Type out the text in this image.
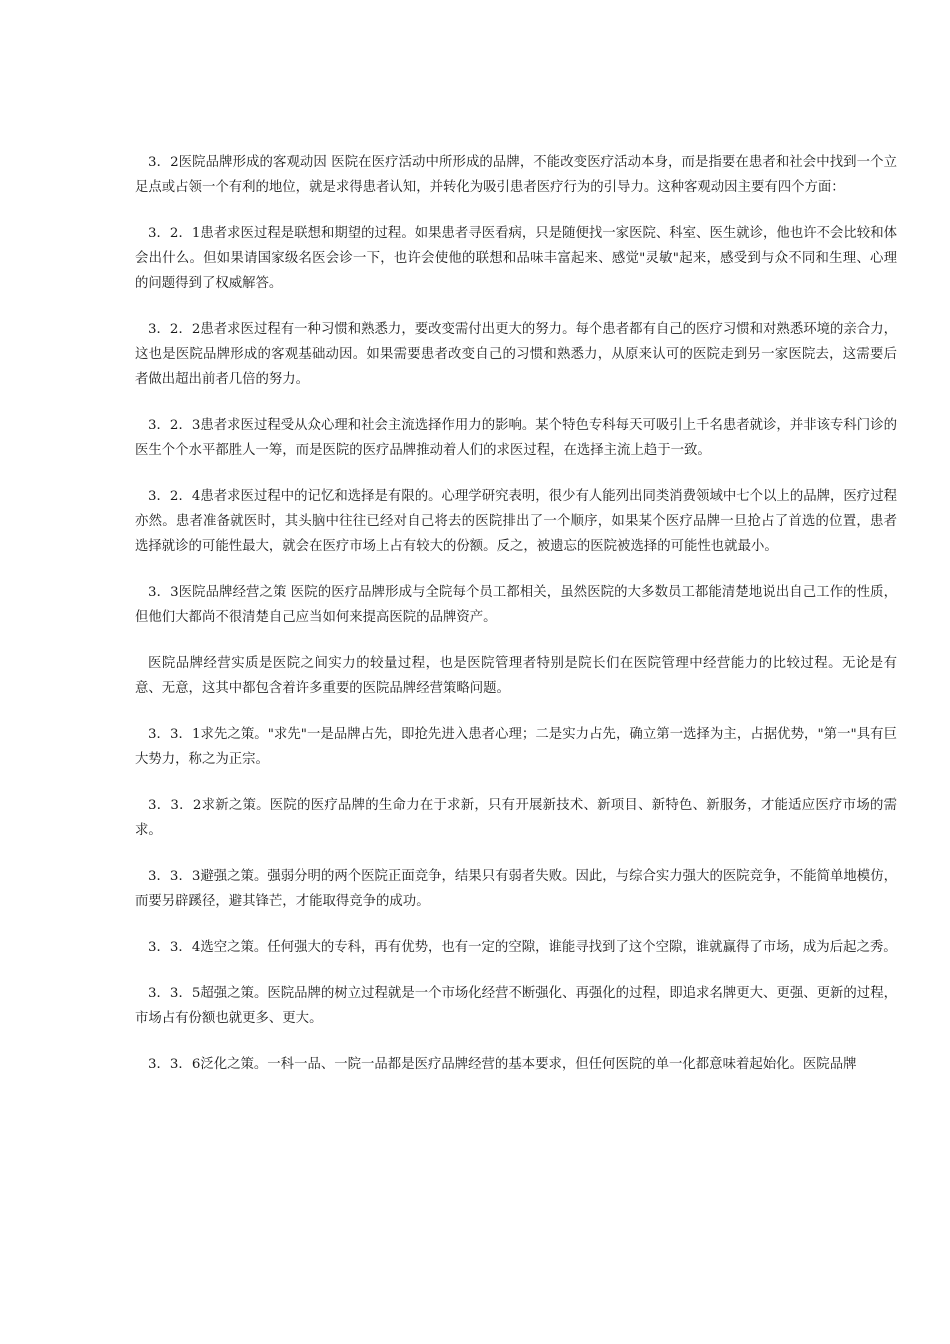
3．2医院品牌形成的客观动因 医院在医疗活动中所形成的品牌，不能改变医疗活动本身，而是指要在患者和社会中找到一个立足点或占领一个有利的地位，就是求得患者认知，并转化为吸引患者医疗行为的引导力。这种客观动因主要有四个方面：

3．2．1患者求医过程是联想和期望的过程。如果患者寻医看病，只是随便找一家医院、科室、医生就诊，他也许不会比较和体会出什么。但如果请国家级名医会诊一下，也许会使他的联想和品味丰富起来、感觉"灵敏"起来，感受到与众不同和生理、心理的问题得到了权威解答。

3．2．2患者求医过程有一种习惯和熟悉力，要改变需付出更大的努力。每个患者都有自己的医疗习惯和对熟悉环境的亲合力，这也是医院品牌形成的客观基础动因。如果需要患者改变自己的习惯和熟悉力，从原来认可的医院走到另一家医院去，这需要后者做出超出前者几倍的努力。

3．2．3患者求医过程受从众心理和社会主流选择作用力的影响。某个特色专科每天可吸引上千名患者就诊，并非该专科门诊的医生个个水平都胜人一筹，而是医院的医疗品牌推动着人们的求医过程，在选择主流上趋于一致。

3．2．4患者求医过程中的记忆和选择是有限的。心理学研究表明，很少有人能列出同类消费领域中七个以上的品牌，医疗过程亦然。患者准备就医时，其头脑中往往已经对自己将去的医院排出了一个顺序，如果某个医疗品牌一旦抢占了首选的位置，患者选择就诊的可能性最大，就会在医疗市场上占有较大的份额。反之，被遗忘的医院被选择的可能性也就最小。

3．3医院品牌经营之策 医院的医疗品牌形成与全院每个员工都相关，虽然医院的大多数员工都能清楚地说出自己工作的性质，但他们大都尚不很清楚自己应当如何来提高医院的品牌资产。

医院品牌经营实质是医院之间实力的较量过程，也是医院管理者特别是院长们在医院管理中经营能力的比较过程。无论是有意、无意，这其中都包含着许多重要的医院品牌经营策略问题。

3．3．1求先之策。"求先"一是品牌占先，即抢先进入患者心理；二是实力占先，确立第一选择为主，占据优势，"第一"具有巨大势力，称之为正宗。

3．3．2求新之策。医院的医疗品牌的生命力在于求新，只有开展新技术、新项目、新特色、新服务，才能适应医疗市场的需求。

3．3．3避强之策。强弱分明的两个医院正面竞争，结果只有弱者失败。因此，与综合实力强大的医院竞争，不能简单地模仿，而要另辟蹊径，避其锋芒，才能取得竞争的成功。

3．3．4选空之策。任何强大的专科，再有优势，也有一定的空隙，谁能寻找到了这个空隙，谁就赢得了市场，成为后起之秀。

3．3．5超强之策。医院品牌的树立过程就是一个市场化经营不断强化、再强化的过程，即追求名牌更大、更强、更新的过程，市场占有份额也就更多、更大。

3．3．6泛化之策。一科一品、一院一品都是医疗品牌经营的基本要求，但任何医院的单一化都意味着起始化。医院品牌
